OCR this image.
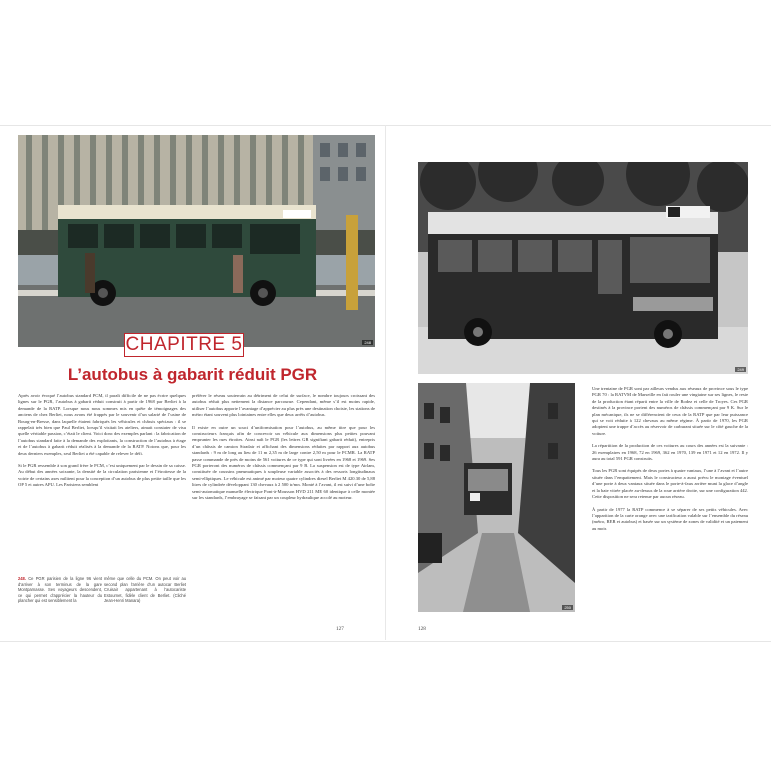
248
CHAPITRE 5
L’autobus à gabarit réduit PGR

Après avoir évoqué l’autobus standard PCM, il paraît difficile de ne pas écrire quelques lignes sur le PGR, l’autobus à gabarit réduit construit à partir de 1968 par Berliet à la demande de la RATP. Lorsque nous nous sommes mis en quête de témoignages des anciens de chez Berliet, nous avons été frappés par le souvenir d’un salarié de l’usine de Bourg-en-Bresse, dans laquelle étaient fabriqués les véhicules et châssis spéciaux : il se rappelait très bien que Paul Berliet, lorsqu’il visitait les ateliers, aimait constater de visu quelle véritable passion, c’était le client. Voici donc des exemples parlant : la fabrication de l’autobus standard faite à la demande des exploitants, la construction de l’autobus à étage et de l’autobus à gabarit réduit réalisés à la demande de la RATP. Notons que, pour les deux derniers exemples, seul Berliet a été capable de relever le défi.

Si le PGR ressemble à son grand frère le PCM, c’est uniquement par le dessin de sa caisse. Au début des années soixante, la densité de la circulation parisienne et l’étroitesse de la voirie de certains axes militent pour la conception d’un autobus de plus petite taille que les OP 5 et autres APU. Les Parisiens semblent

248. Ce PGR parisien de la ligne 96 vient d’arriver à son terminus de la gare Montparnasse. Ses voyageurs descendent, ce qui permet d’apprécier la hauteur du plancher qui est sensiblement la
même que celle du PCM. On peut voir au second plan l’arrière d’un autocar Berliet Cruisair appartenant à l’autocariste Estournet, fidèle client de Berliet. (Cliché Jean-Henri Manara)

préférer le réseau souterrain au détriment de celui de surface, le nombre toujours croissant des autobus réduit plus nettement la distance parcourue. Cependant, même s’il est moins rapide, utiliser l’autobus apporte l’avantage d’apprécier au plus près une destination choisie, les stations de métro étant souvent plus lointaines entre elles que deux arrêts d’autobus.

Il existe en outre un souci d’uniformisation pour l’autobus, au même titre que pour les constructeurs français afin de concevoir un véhicule aux dimensions plus petites pouvant emprunter les rues étroites. Ainsi naît le PGR (les lettres GR signifiant gabarit réduit), entrepris d’un châssis de camion Stradair et affichant des dimensions réduites par rapport aux autobus standards : 9 m de long au lieu de 11 m 2,35 m de large contre 2,50 m pour le PCMR. La RATP passe commande de près de moins de 561 voitures de ce type qui sont livrées en 1968 et 1969. Ses PGR porteront des numéros de châssis commençant par 9 B. La suspension est de type Airlam, constituée de coussins pneumatiques à soupleuse variable associés à des ressorts longitudinaux semi-elliptiques. Le véhicule est animé par moteur quatre cylindres diesel Berliet M 420.30 de 5,88 litres de cylindrée développant 130 chevaux à 2 500 tr/mn. Monté à l’avant, il est suivi d’une boîte semi-automatique manuelle électrique Pont-à-Mousson HVD 211 ME 60 identique à celle montée sur les standards, l’embrayage se faisant par un coupleur hydraulique accolé au moteur.

127
249
250

Une trentaine de PGR sont par ailleurs vendus aux réseaux de province sous le type PGR 70 : la RATVM de Marseille en fait rouler une vingtaine sur ses lignes, le reste de la production étant réparti entre la ville de Rodez et celle de Troyes. Ces PGR destinés à la province portent des numéros de châssis commençant par 9 K. Sur le plan mécanique, ils ne se différencient de ceux de la RATP que par leur puissance qui se voit réduite à 122 chevaux au même régime. À partir de 1970, les PGR adoptent une trappe d’accès au réservoir de carburant située sur le côté gauche de la voiture.

La répartition de la production de ces voitures au cours des années est la suivante : 26 exemplaires en 1968, 72 en 1969, 362 en 1970, 139 en 1971 et 12 en 1972. Il y aura au total 591 PGR construits.

Tous les PGR sont équipés de deux portes à quatre vantaux, l’une à l’avant et l’autre située dans l’empattement. Mais le constructeur a aussi prévu le montage éventuel d’une porte à deux vantaux située dans le porte-à-faux arrière muni la glace d’angle et la baie vitrée placée au-dessus de la roue arrière droite, sur une configuration 442. Cette disposition ne sera retenue par aucun réseau.

À partir de 1977 la RATP commence à se séparer de ses petits véhicules. Avec l’apparition de la carte orange avec une tarification valable sur l’ensemble du réseau (métro, RER et autobus) et basée sur un système de zones de validité et un paiement au mois

128
